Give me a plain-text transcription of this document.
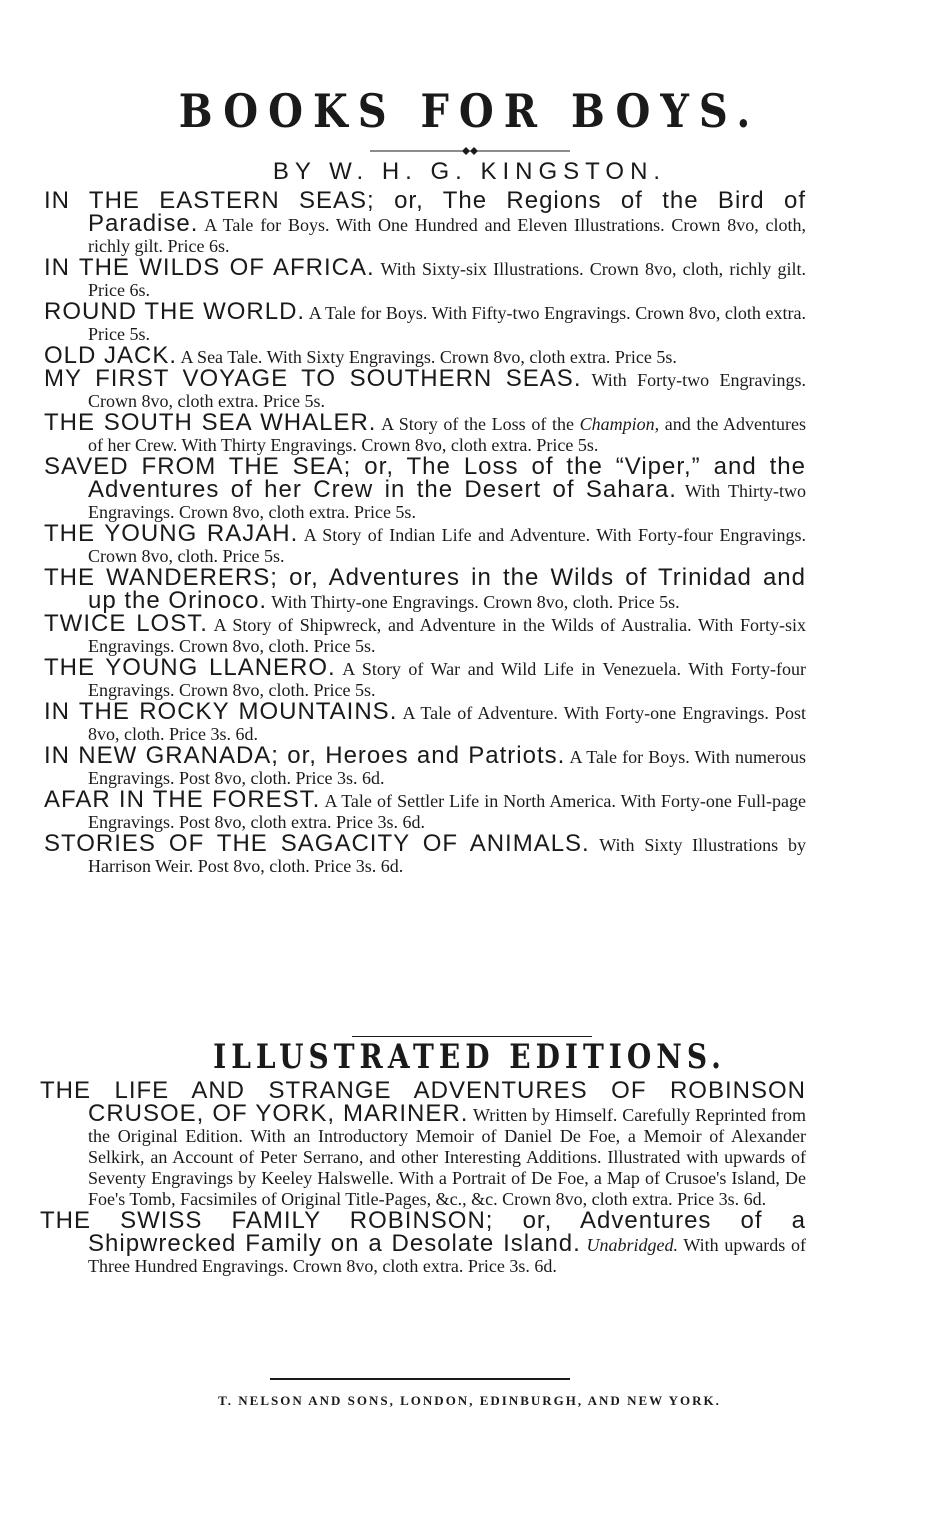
BOOKS FOR BOYS.
BY W. H. G. KINGSTON.

IN THE EASTERN SEAS; or, The Regions of the Bird of Paradise. A Tale for Boys. With One Hundred and Eleven Illustrations. Crown 8vo, cloth, richly gilt. Price 6s.

IN THE WILDS OF AFRICA. With Sixty-six Illustrations. Crown 8vo, cloth, richly gilt. Price 6s.

ROUND THE WORLD. A Tale for Boys. With Fifty-two Engravings. Crown 8vo, cloth extra. Price 5s.

OLD JACK. A Sea Tale. With Sixty Engravings. Crown 8vo, cloth extra. Price 5s.

MY FIRST VOYAGE TO SOUTHERN SEAS. With Forty-two Engravings. Crown 8vo, cloth extra. Price 5s.

THE SOUTH SEA WHALER. A Story of the Loss of the Champion, and the Adventures of her Crew. With Thirty Engravings. Crown 8vo, cloth extra. Price 5s.

SAVED FROM THE SEA; or, The Loss of the “Viper,” and the Adventures of her Crew in the Desert of Sahara. With Thirty-two Engravings. Crown 8vo, cloth extra. Price 5s.

THE YOUNG RAJAH. A Story of Indian Life and Adventure. With Forty-four Engravings. Crown 8vo, cloth. Price 5s.

THE WANDERERS; or, Adventures in the Wilds of Trinidad and up the Orinoco. With Thirty-one Engravings. Crown 8vo, cloth. Price 5s.

TWICE LOST. A Story of Shipwreck, and Adventure in the Wilds of Australia. With Forty-six Engravings. Crown 8vo, cloth. Price 5s.

THE YOUNG LLANERO. A Story of War and Wild Life in Venezuela. With Forty-four Engravings. Crown 8vo, cloth. Price 5s.

IN THE ROCKY MOUNTAINS. A Tale of Adventure. With Forty-one Engravings. Post 8vo, cloth. Price 3s. 6d.

IN NEW GRANADA; or, Heroes and Patriots. A Tale for Boys. With numerous Engravings. Post 8vo, cloth. Price 3s. 6d.

AFAR IN THE FOREST. A Tale of Settler Life in North America. With Forty-one Full-page Engravings. Post 8vo, cloth extra. Price 3s. 6d.

STORIES OF THE SAGACITY OF ANIMALS. With Sixty Illustrations by Harrison Weir. Post 8vo, cloth. Price 3s. 6d.

ILLUSTRATED EDITIONS.

THE LIFE AND STRANGE ADVENTURES OF ROBINSON CRUSOE, OF YORK, MARINER. Written by Himself. Carefully Reprinted from the Original Edition. With an Introductory Memoir of Daniel De Foe, a Memoir of Alexander Selkirk, an Account of Peter Serrano, and other Interesting Additions. Illustrated with upwards of Seventy Engravings by Keeley Halswelle. With a Portrait of De Foe, a Map of Crusoe's Island, De Foe's Tomb, Facsimiles of Original Title-Pages, &c., &c. Crown 8vo, cloth extra. Price 3s. 6d.

THE SWISS FAMILY ROBINSON; or, Adventures of a Shipwrecked Family on a Desolate Island. Unabridged. With upwards of Three Hundred Engravings. Crown 8vo, cloth extra. Price 3s. 6d.

T. NELSON AND SONS, LONDON, EDINBURGH, AND NEW YORK.
